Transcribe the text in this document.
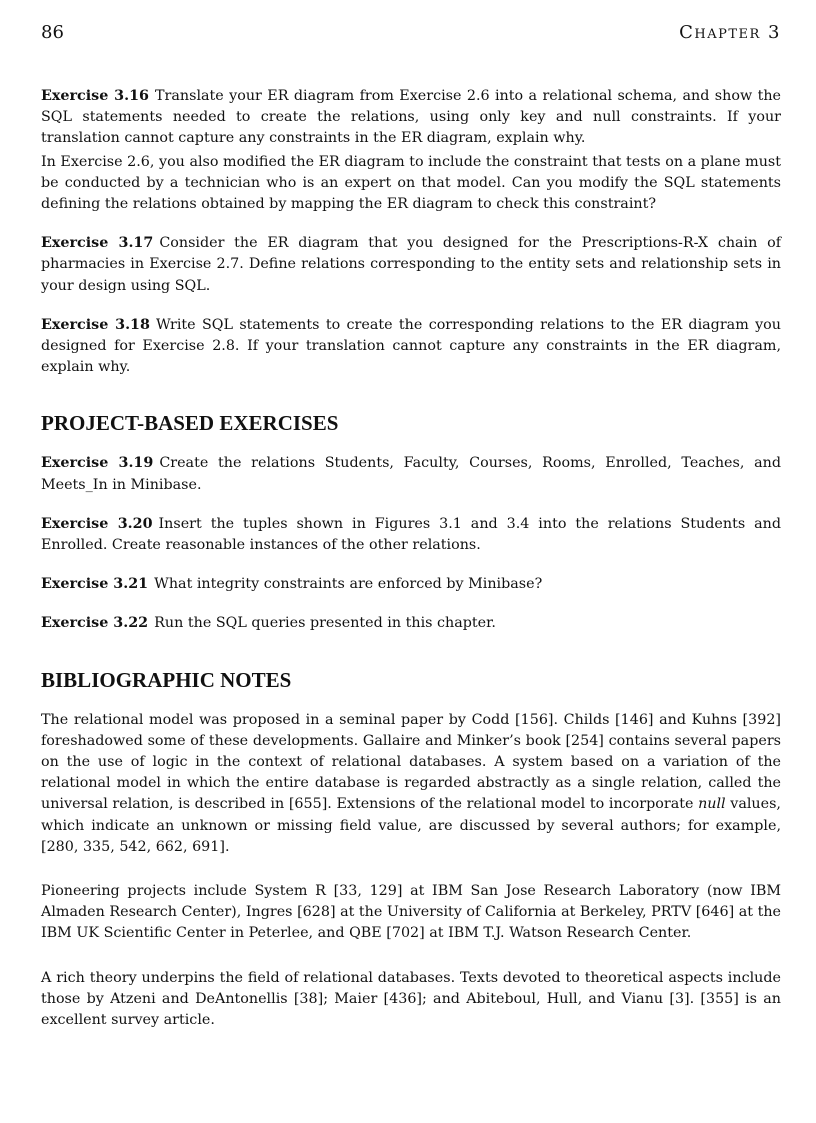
86	Chapter 3

Exercise 3.16 Translate your ER diagram from Exercise 2.6 into a relational schema, and show the SQL statements needed to create the relations, using only key and null constraints. If your translation cannot capture any constraints in the ER diagram, explain why.

In Exercise 2.6, you also modified the ER diagram to include the constraint that tests on a plane must be conducted by a technician who is an expert on that model. Can you modify the SQL statements defining the relations obtained by mapping the ER diagram to check this constraint?

Exercise 3.17 Consider the ER diagram that you designed for the Prescriptions-R-X chain of pharmacies in Exercise 2.7. Define relations corresponding to the entity sets and relationship sets in your design using SQL.

Exercise 3.18 Write SQL statements to create the corresponding relations to the ER diagram you designed for Exercise 2.8. If your translation cannot capture any constraints in the ER diagram, explain why.

PROJECT-BASED EXERCISES

Exercise 3.19 Create the relations Students, Faculty, Courses, Rooms, Enrolled, Teaches, and Meets_In in Minibase.

Exercise 3.20 Insert the tuples shown in Figures 3.1 and 3.4 into the relations Students and Enrolled. Create reasonable instances of the other relations.

Exercise 3.21 What integrity constraints are enforced by Minibase?

Exercise 3.22 Run the SQL queries presented in this chapter.

BIBLIOGRAPHIC NOTES

The relational model was proposed in a seminal paper by Codd [156]. Childs [146] and Kuhns [392] foreshadowed some of these developments. Gallaire and Minker’s book [254] contains several papers on the use of logic in the context of relational databases. A system based on a variation of the relational model in which the entire database is regarded abstractly as a single relation, called the universal relation, is described in [655]. Extensions of the relational model to incorporate null values, which indicate an unknown or missing field value, are discussed by several authors; for example, [280, 335, 542, 662, 691].

Pioneering projects include System R [33, 129] at IBM San Jose Research Laboratory (now IBM Almaden Research Center), Ingres [628] at the University of California at Berkeley, PRTV [646] at the IBM UK Scientific Center in Peterlee, and QBE [702] at IBM T.J. Watson Research Center.

A rich theory underpins the field of relational databases. Texts devoted to theoretical aspects include those by Atzeni and DeAntonellis [38]; Maier [436]; and Abiteboul, Hull, and Vianu [3]. [355] is an excellent survey article.
